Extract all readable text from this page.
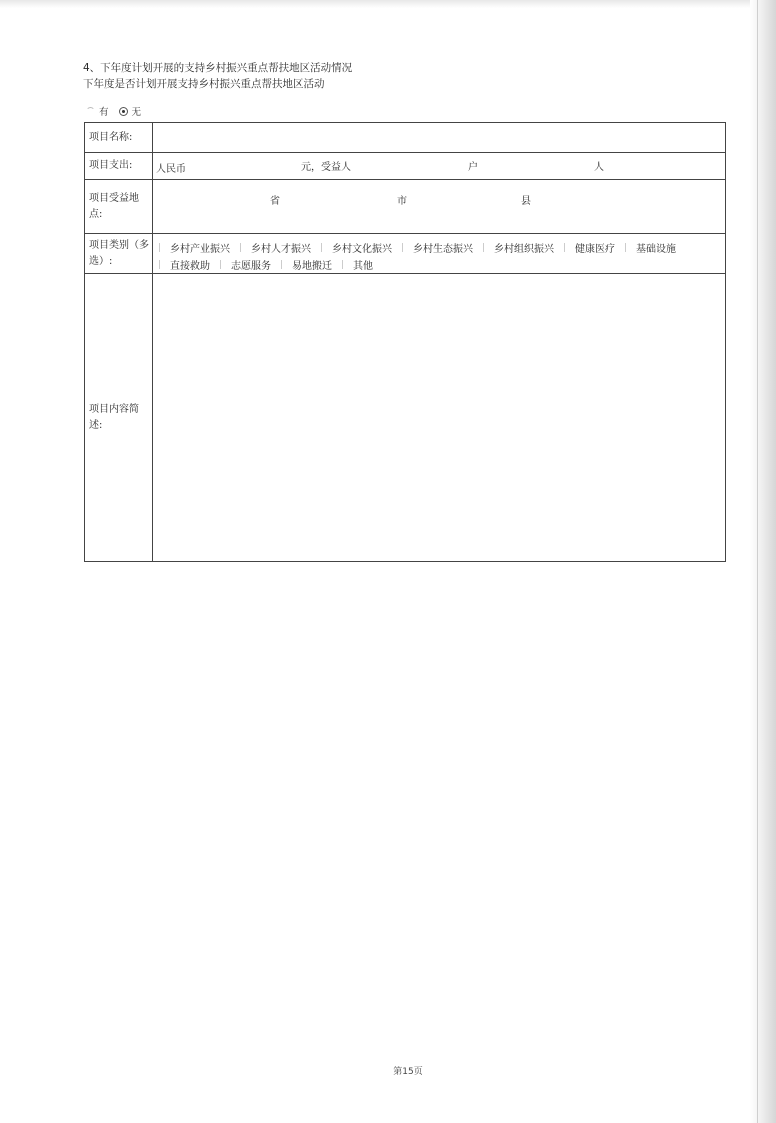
4、下年度计划开展的支持乡村振兴重点帮扶地区活动情况
下年度是否计划开展支持乡村振兴重点帮扶地区活动
有 无
项目名称:
项目支出:	人民币	元，受益人	户	人
项目受益地点:
省	市	县
项目类别（多选）:
乡村产业振兴 乡村人才振兴 乡村文化振兴 乡村生态振兴 乡村组织振兴 健康医疗 基础设施
直接救助 志愿服务 易地搬迁 其他
项目内容简述:
第15页
